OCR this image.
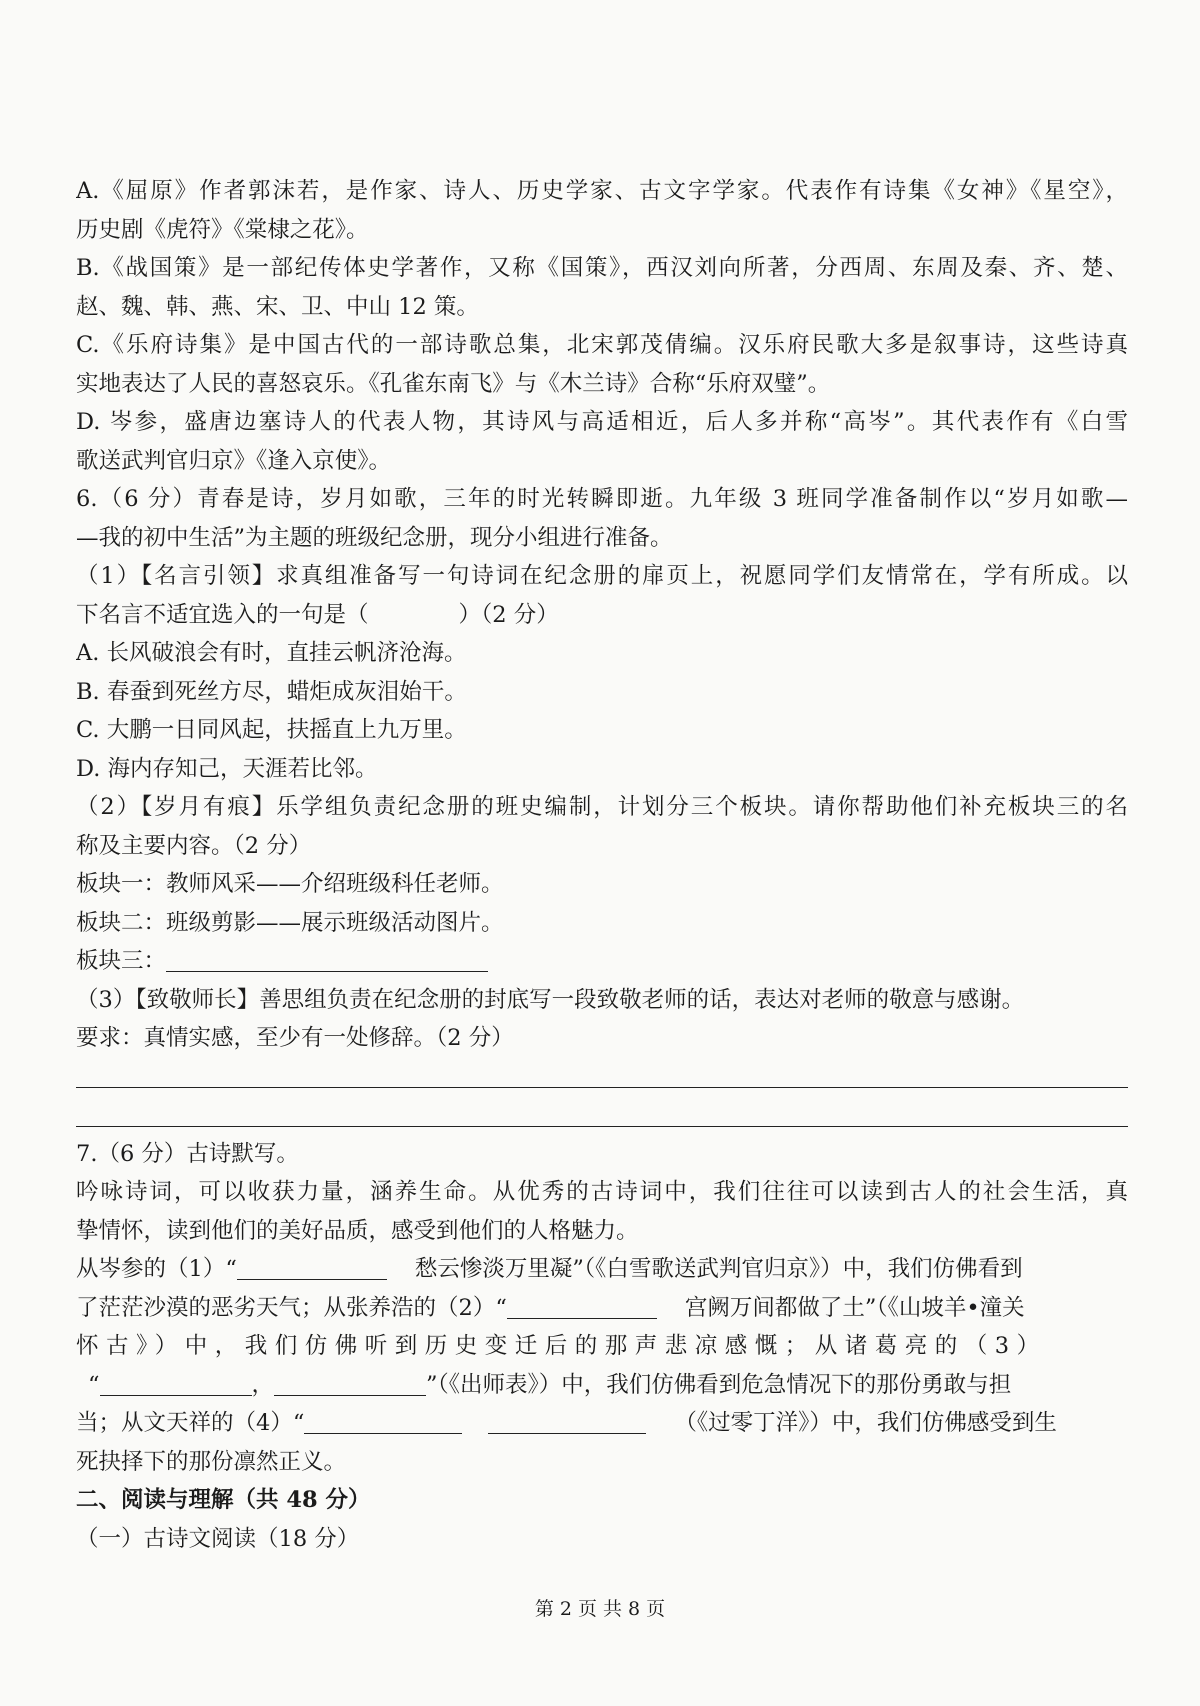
A.《屈原》作者郭沫若，是作家、诗人、历史学家、古文字学家。代表作有诗集《女神》《星空》，
历史剧《虎符》《棠棣之花》。
B.《战国策》是一部纪传体史学著作，又称《国策》，西汉刘向所著，分西周、东周及秦、齐、楚、
赵、魏、韩、燕、宋、卫、中山 12 策。
C.《乐府诗集》是中国古代的一部诗歌总集，北宋郭茂倩编。汉乐府民歌大多是叙事诗，这些诗真
实地表达了人民的喜怒哀乐。《孔雀东南飞》与《木兰诗》合称“乐府双璧”。
D. 岑参，盛唐边塞诗人的代表人物，其诗风与高适相近，后人多并称“高岑”。其代表作有《白雪
歌送武判官归京》《逢入京使》。
6.（6 分）青春是诗，岁月如歌，三年的时光转瞬即逝。九年级 3 班同学准备制作以“岁月如歌—
—我的初中生活”为主题的班级纪念册，现分小组进行准备。
（1）【名言引领】求真组准备写一句诗词在纪念册的扉页上，祝愿同学们友情常在，学有所成。以
下名言不适宜选入的一句是（	）（2 分）
A. 长风破浪会有时，直挂云帆济沧海。
B. 春蚕到死丝方尽，蜡炬成灰泪始干。
C. 大鹏一日同风起，扶摇直上九万里。
D. 海内存知己，天涯若比邻。
（2）【岁月有痕】乐学组负责纪念册的班史编制，计划分三个板块。请你帮助他们补充板块三的名
称及主要内容。（2 分）
板块一：教师风采——介绍班级科任老师。
板块二：班级剪影——展示班级活动图片。
板块三：
（3）【致敬师长】善思组负责在纪念册的封底写一段致敬老师的话，表达对老师的敬意与感谢。
要求：真情实感，至少有一处修辞。（2 分）
7.（6 分）古诗默写。
吟咏诗词，可以收获力量，涵养生命。从优秀的古诗词中，我们往往可以读到古人的社会生活，真
挚情怀，读到他们的美好品质，感受到他们的人格魅力。
从岑参的（1）“	愁云惨淡万里凝”（《白雪歌送武判官归京》）中，我们仿佛看到
了茫茫沙漠的恶劣天气；从张养浩的（2）“	宫阙万间都做了土”（《山坡羊•潼关
怀古》）中，我们仿佛听到历史变迁后的那声悲凉感慨；从诸葛亮的（3）
“	，	”（《出师表》）中，我们仿佛看到危急情况下的那份勇敢与担
当；从文天祥的（4）“	（《过零丁洋》）中，我们仿佛感受到生
死抉择下的那份凛然正义。
二、阅读与理解（共 48 分）
（一）古诗文阅读（18 分）
第 2 页 共 8 页
